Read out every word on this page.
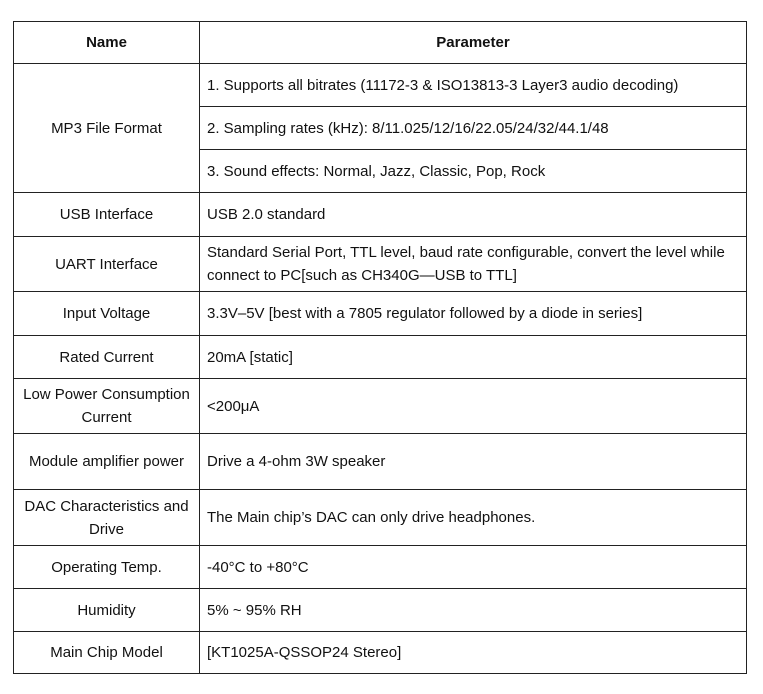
Name	Parameter
MP3 File Format	1. Supports all bitrates (11172-3 & ISO13813-3 Layer3 audio decoding)
	2. Sampling rates (kHz): 8/11.025/12/16/22.05/24/32/44.1/48
	3. Sound effects: Normal, Jazz, Classic, Pop, Rock
USB Interface	USB 2.0 standard
UART Interface	Standard Serial Port, TTL level, baud rate configurable, convert the level while connect to PC[such as CH340G—USB to TTL]
Input Voltage	3.3V–5V [best with a 7805 regulator followed by a diode in series]
Rated Current	20mA [static]
Low Power Consumption Current	<200μA
Module amplifier power	Drive a 4-ohm 3W speaker
DAC Characteristics and Drive	The Main chip’s DAC can only drive headphones.
Operating Temp.	-40°C to +80°C
Humidity	5% ~ 95% RH
Main Chip Model	[KT1025A-QSSOP24 Stereo]
